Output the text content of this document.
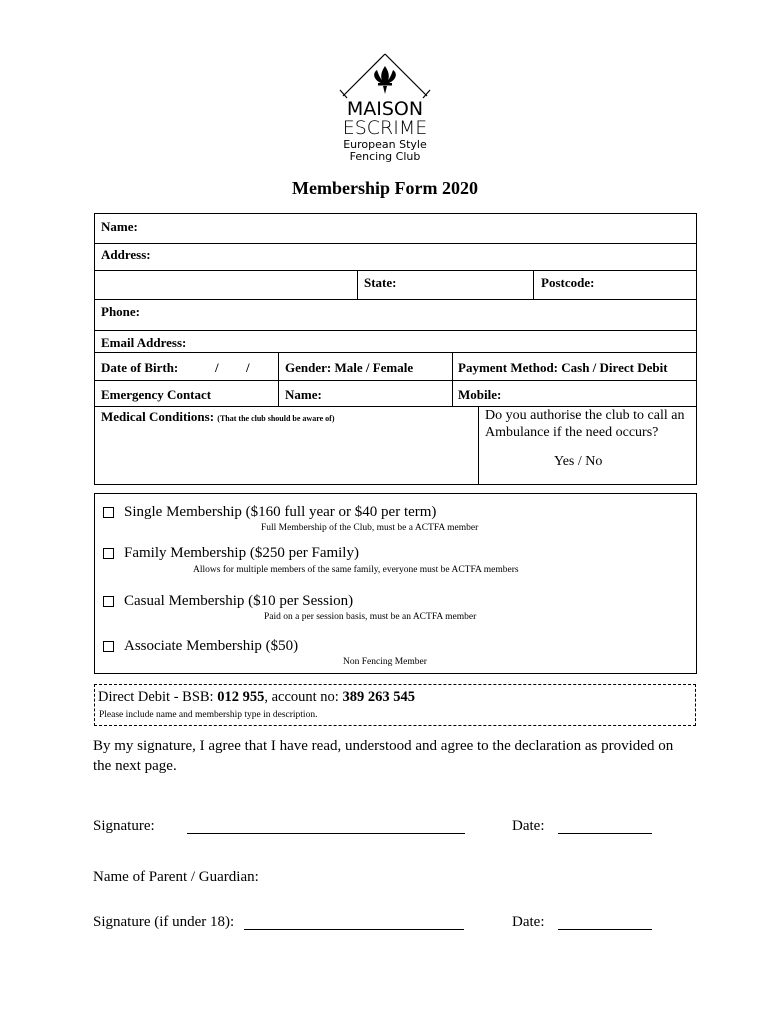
MAISON
ESCRIME
European Style
Fencing Club
Membership Form 2020
Name:
Address:
State:	Postcode:
Phone:
Email Address:
Date of Birth:	/ /	Gender: Male / Female	Payment Method: Cash / Direct Debit
Emergency Contact	Name:	Mobile:
Medical Conditions: (That the club should be aware of)	Do you authorise the club to call an Ambulance if the need occurs?
Yes / No
Single Membership ($160 full year or $40 per term)
Full Membership of the Club, must be a ACTFA member
Family Membership ($250 per Family)
Allows for multiple members of the same family, everyone must be ACTFA members
Casual Membership ($10 per Session)
Paid on a per session basis, must be an ACTFA member
Associate Membership ($50)
Non Fencing Member
Direct Debit - BSB: 012 955, account no: 389 263 545
Please include name and membership type in description.
By my signature, I agree that I have read, understood and agree to the declaration as provided on the next page.
Signature:	Date:
Name of Parent / Guardian:
Signature (if under 18):	Date:
